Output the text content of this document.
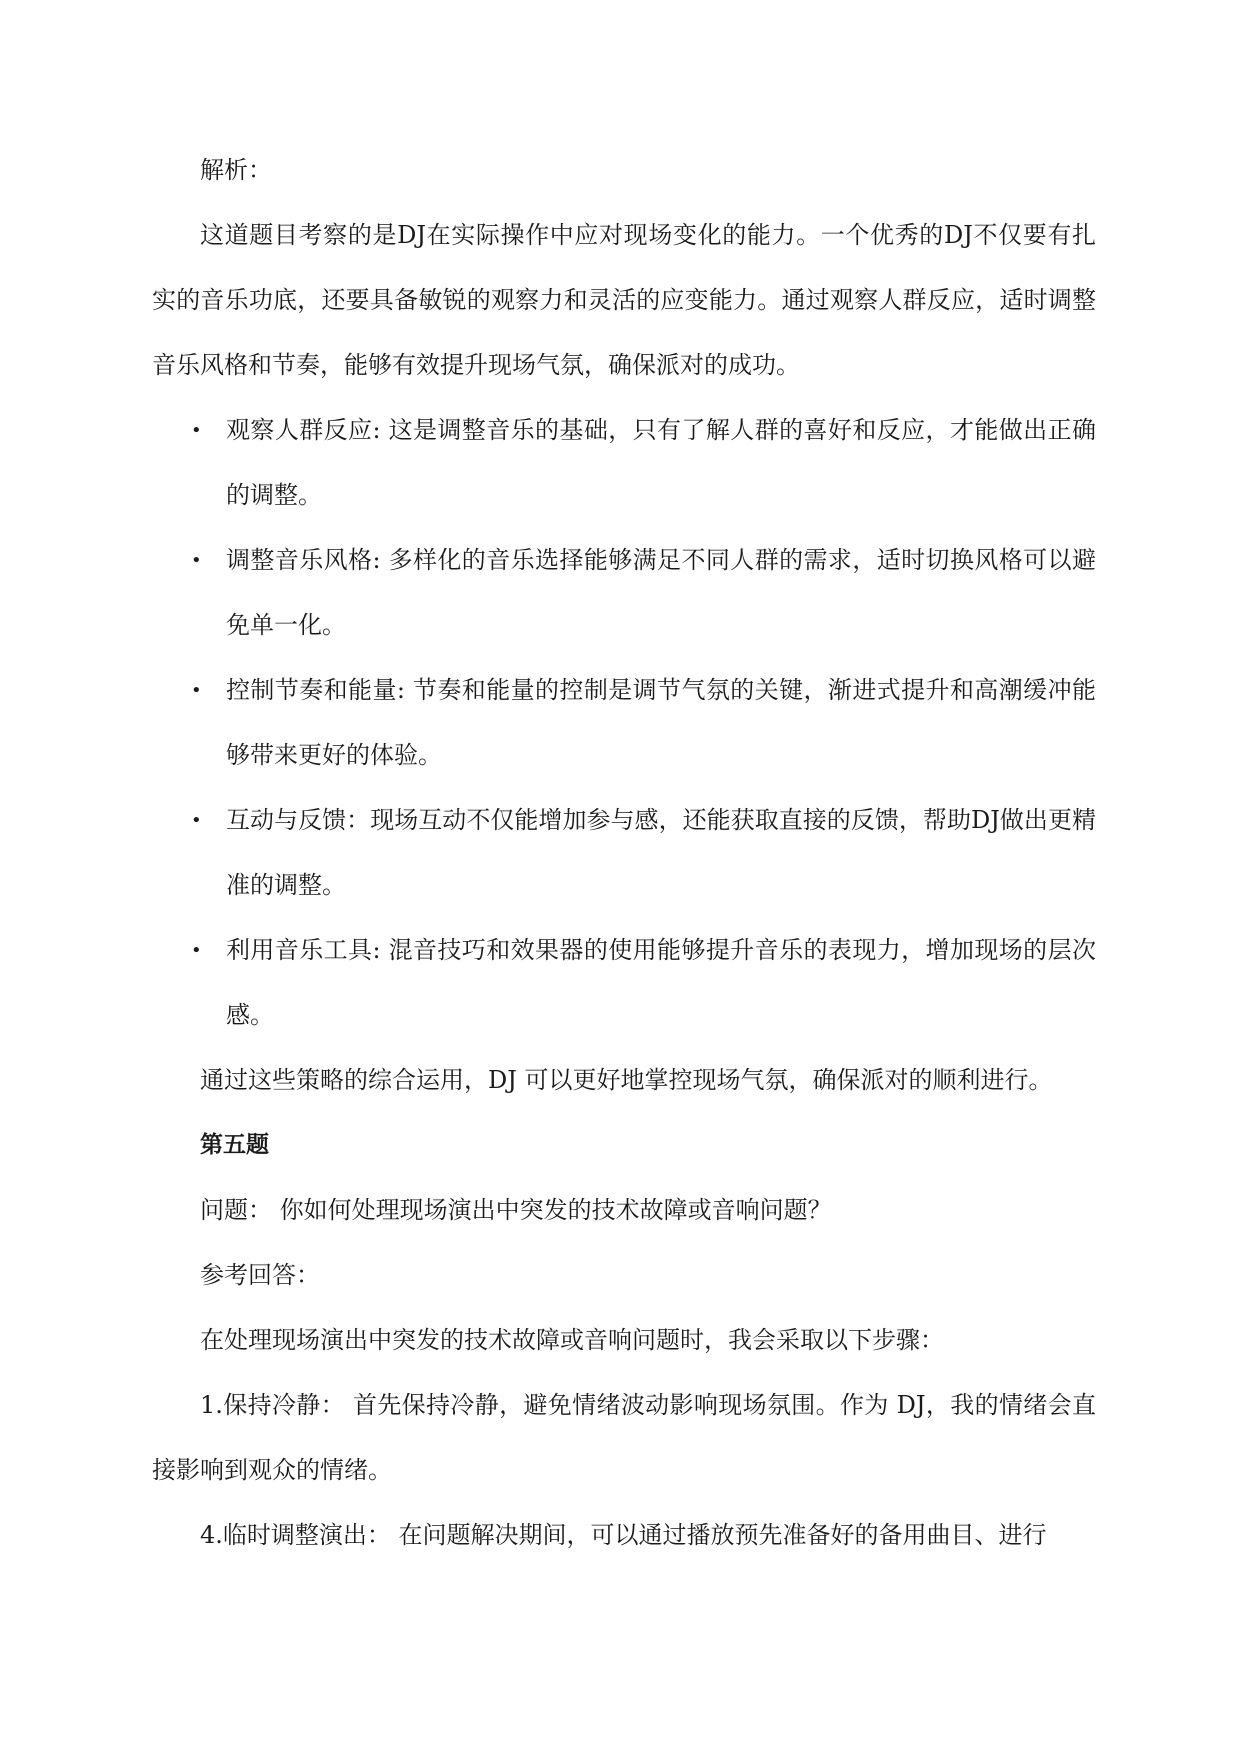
解析：

这道题目考察的是DJ在实际操作中应对现场变化的能力。一个优秀的DJ不仅要有扎实的音乐功底，还要具备敏锐的观察力和灵活的应变能力。通过观察人群反应，适时调整音乐风格和节奏，能够有效提升现场气氛，确保派对的成功。

• 观察人群反应: 这是调整音乐的基础，只有了解人群的喜好和反应，才能做出正确的调整。
• 调整音乐风格: 多样化的音乐选择能够满足不同人群的需求，适时切换风格可以避免单一化。
• 控制节奏和能量: 节奏和能量的控制是调节气氛的关键，渐进式提升和高潮缓冲能够带来更好的体验。
• 互动与反馈：现场互动不仅能增加参与感，还能获取直接的反馈，帮助DJ做出更精准的调整。
• 利用音乐工具: 混音技巧和效果器的使用能够提升音乐的表现力，增加现场的层次感。

通过这些策略的综合运用，DJ 可以更好地掌控现场气氛，确保派对的顺利进行。

第五题

问题： 你如何处理现场演出中突发的技术故障或音响问题？

参考回答：

在处理现场演出中突发的技术故障或音响问题时，我会采取以下步骤：

1.保持冷静： 首先保持冷静，避免情绪波动影响现场氛围。作为 DJ，我的情绪会直接影响到观众的情绪。

4.临时调整演出： 在问题解决期间，可以通过播放预先准备好的备用曲目、进行
